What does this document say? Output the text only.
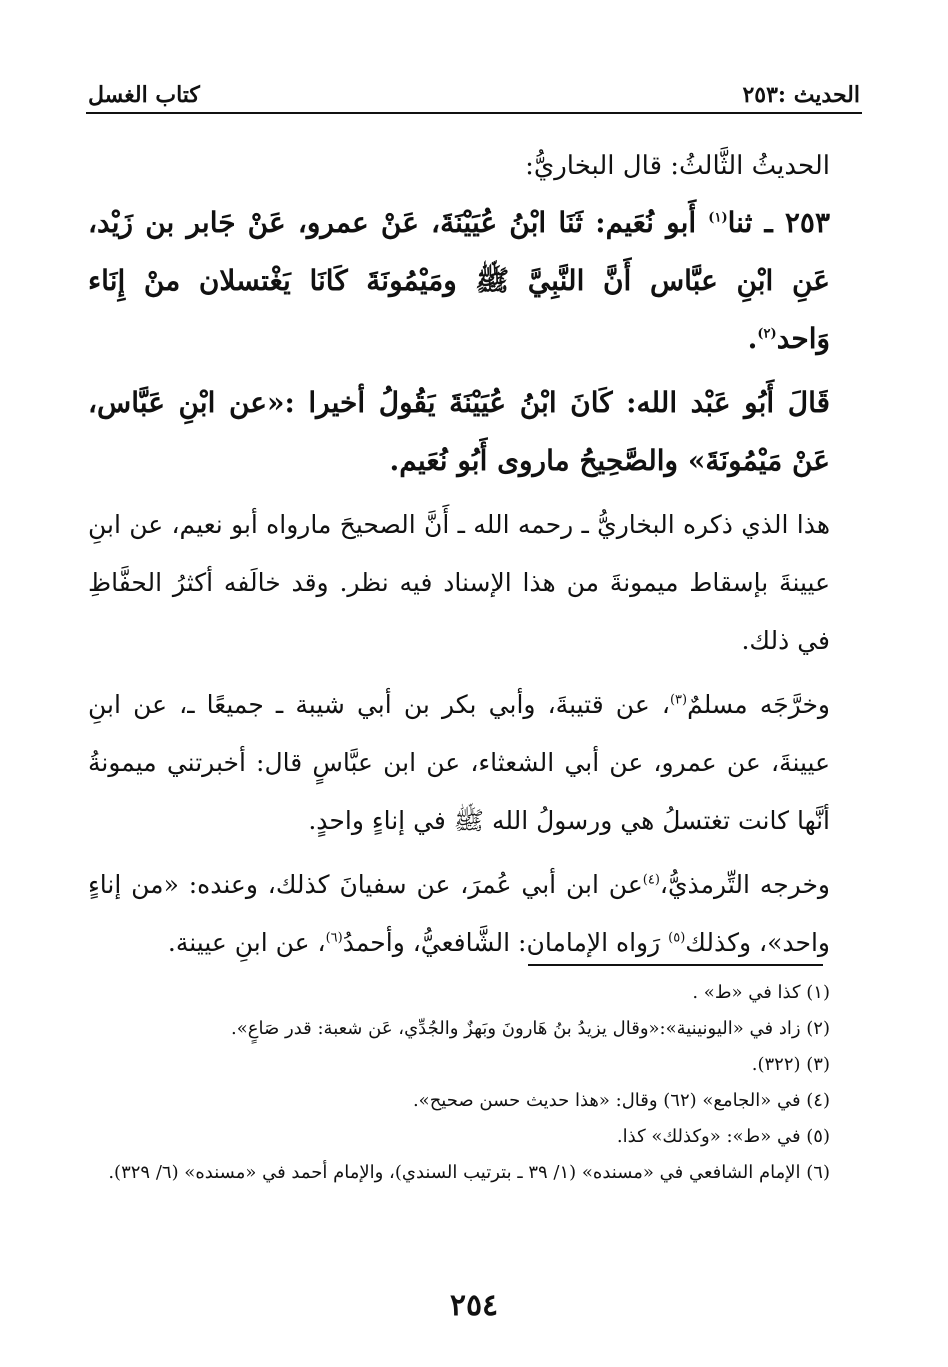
الحديث :٢٥٣
كتاب الغسل

الحديثُ الثَّالثُ: قال البخاريُّ:

٢٥٣ ـ ثنا$^{(١)}$ أَبو نُعَيم: ثَنَا ابْنُ عُيَيْنَةَ، عَنْ عمرو، عَنْ جَابر بن زَيْد، عَنِ ابْنِ عبَّاس أَنَّ النَّبِيَّ ﷺ ومَيْمُونَةَ كَانَا يَغْتسلان منْ إِنَاء وَاحد$^{(٢)}$.

قَالَ أَبُو عَبْد الله: كَانَ ابْنُ عُيَيْنَةَ يَقُولُ أخيرا :«عن ابْنِ عَبَّاس، عَنْ مَيْمُونَةَ» والصَّحِيحُ ماروى أَبُو نُعَيم.

هذا الذي ذكره البخاريُّ ـ رحمه الله ـ أَنَّ الصحيحَ ماروا‌ه أبو نعيم، عن ابنِ عيينةَ بإسقاط ميمونةَ من هذا الإسناد فيه نظر. وقد خالَفه أكثرُ الحفَّاظِ في ذلك.

وخرَّجَه مسلمٌ$^{(٣)}$، عن قتيبةَ، وأبي بكر بن أبي شيبة ـ جميعًا ـ، عن ابنِ عيينةَ، عن عمرو، عن أبي الشعثاء، عن ابن عبَّاسٍ قال: أخبرتني ميمونةُ أنَّها كانت تغتسلُ هي ورسولُ الله ﷺ في إناءٍ واحدٍ.

وخرجه التِّرمذيُّ،$^{(٤)}$عن ابن أبي عُمرَ، عن سفيانَ كذلك، وعنده: «من إناءٍ واحد»، وكذلك$^{(٥)}$ رَواه الإمامان: الشَّافعيُّ، وأحمدُ$^{(٦)}$، عن ابنِ عيينة.

(١) كذا في «ط» .

(٢) زاد في «اليونينية»:«وقال يزيدُ بنُ هَارونَ وبَهزٌ والجُدِّي، عَن شعبة: قدر صَاعٍ».

(٣) (٣٢٢).

(٤) في «الجامع» (٦٢) وقال: «هذا حديث حسن صحيح».

(٥) في «ط»: «وكذلك» كذا.

(٦) الإمام الشافعي في «مسنده» (١/ ٣٩ ـ بترتيب السندي)، والإمام أحمد في «مسنده» (٦/ ٣٢٩).

٢٥٤
